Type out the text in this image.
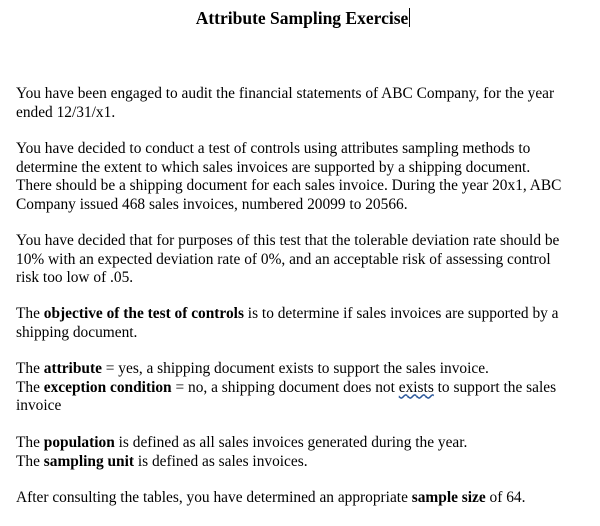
Attribute Sampling Exercise

You have been engaged to audit the financial statements of ABC Company, for the year
ended 12/31/x1.

You have decided to conduct a test of controls using attributes sampling methods to
determine the extent to which sales invoices are supported by a shipping document.
There should be a shipping document for each sales invoice. During the year 20x1, ABC
Company issued 468 sales invoices, numbered 20099 to 20566.

You have decided that for purposes of this test that the tolerable deviation rate should be
10% with an expected deviation rate of 0%, and an acceptable risk of assessing control
risk too low of .05.

The objective of the test of controls is to determine if sales invoices are supported by a
shipping document.

The attribute = yes, a shipping document exists to support the sales invoice.
The exception condition = no, a shipping document does not exists to support the sales
invoice

The population is defined as all sales invoices generated during the year.
The sampling unit is defined as sales invoices.

After consulting the tables, you have determined an appropriate sample size of 64.
